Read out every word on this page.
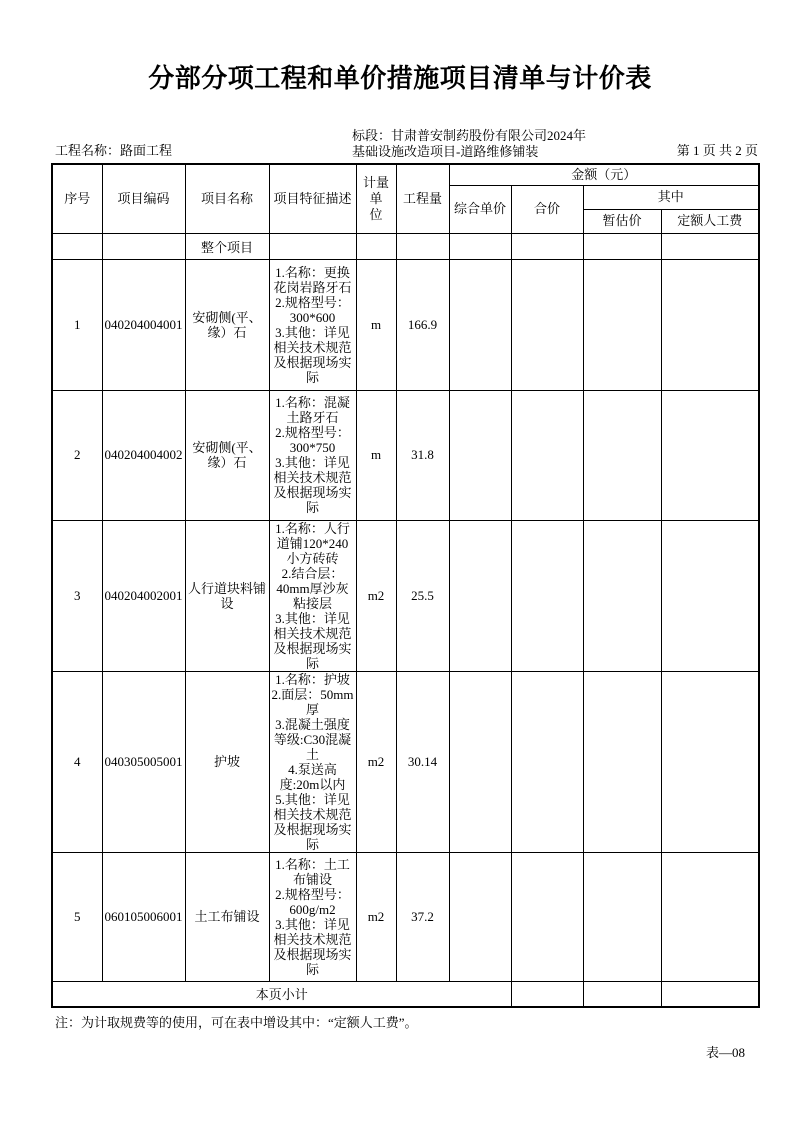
分部分项工程和单价措施项目清单与计价表
工程名称：路面工程
标段：甘肃普安制药股份有限公司2024年
基础设施改造项目-道路维修铺装	第 1 页 共 2 页
序号	项目编码	项目名称	项目特征描述	计量单
位	工程量	金额（元）			
						综合单价	合价	其中	
								暂估价	定额人工费
		整个项目							
1	040204004001	安砌侧(平、缘）石	1.名称：更换花岗岩路牙石
2.规格型号：300*600
3.其他：详见相关技术规范及根据现场实际	m	166.9				
2	040204004002	安砌侧(平、缘）石	1.名称：混凝土路牙石
2.规格型号：300*750
3.其他：详见相关技术规范及根据现场实际	m	31.8				
3	040204002001	人行道块料铺设	1.名称：人行道铺120*240小方砖砖
2.结合层：40mm厚沙灰粘接层
3.其他：详见相关技术规范及根据现场实际	m2	25.5				
4	040305005001	护坡	1.名称：护坡
2.面层：50mm厚
3.混凝土强度等级:C30混凝土
4.泵送高度:20m以内
5.其他：详见相关技术规范及根据现场实际	m2	30.14				
5	060105006001	土工布铺设	1.名称：土工布铺设
2.规格型号：600g/m2
3.其他：详见相关技术规范及根据现场实际	m2	37.2				
本页小计									
注：为计取规费等的使用，可在表中增设其中：“定额人工费”。
表—08
